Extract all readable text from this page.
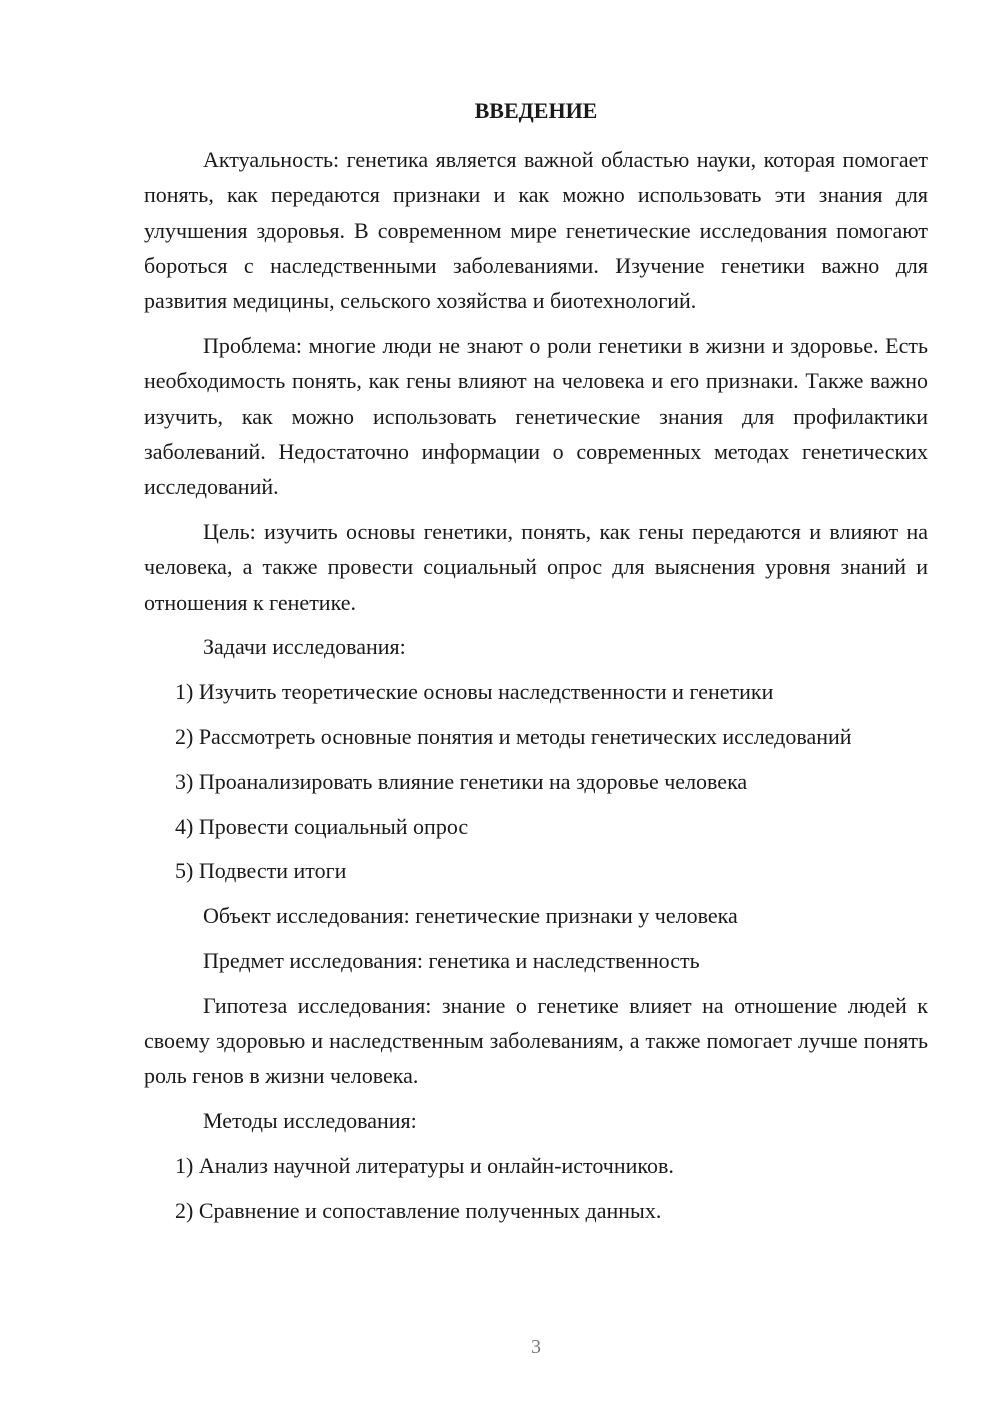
ВВЕДЕНИЕ

Актуальность: генетика является важной областью науки, которая помогает понять, как передаются признаки и как можно использовать эти знания для улучшения здоровья. В современном мире генетические исследования помогают бороться с наследственными заболеваниями. Изучение генетики важно для развития медицины, сельского хозяйства и биотехнологий.

Проблема: многие люди не знают о роли генетики в жизни и здоровье. Есть необходимость понять, как гены влияют на человека и его признаки. Также важно изучить, как можно использовать генетические знания для профилактики заболеваний. Недостаточно информации о современных методах генетических исследований.

Цель: изучить основы генетики, понять, как гены передаются и влияют на человека, а также провести социальный опрос для выяснения уровня знаний и отношения к генетике.

Задачи исследования:

1) Изучить теоретические основы наследственности и генетики

2) Рассмотреть основные понятия и методы генетических исследований

3) Проанализировать влияние генетики на здоровье человека

4) Провести социальный опрос

5) Подвести итоги

Объект исследования: генетические признаки у человека

Предмет исследования: генетика и наследственность

Гипотеза исследования: знание о генетике влияет на отношение людей к своему здоровью и наследственным заболеваниям, а также помогает лучше понять роль генов в жизни человека.

Методы исследования:

1) Анализ научной литературы и онлайн-источников.

2) Сравнение и сопоставление полученных данных.

3
